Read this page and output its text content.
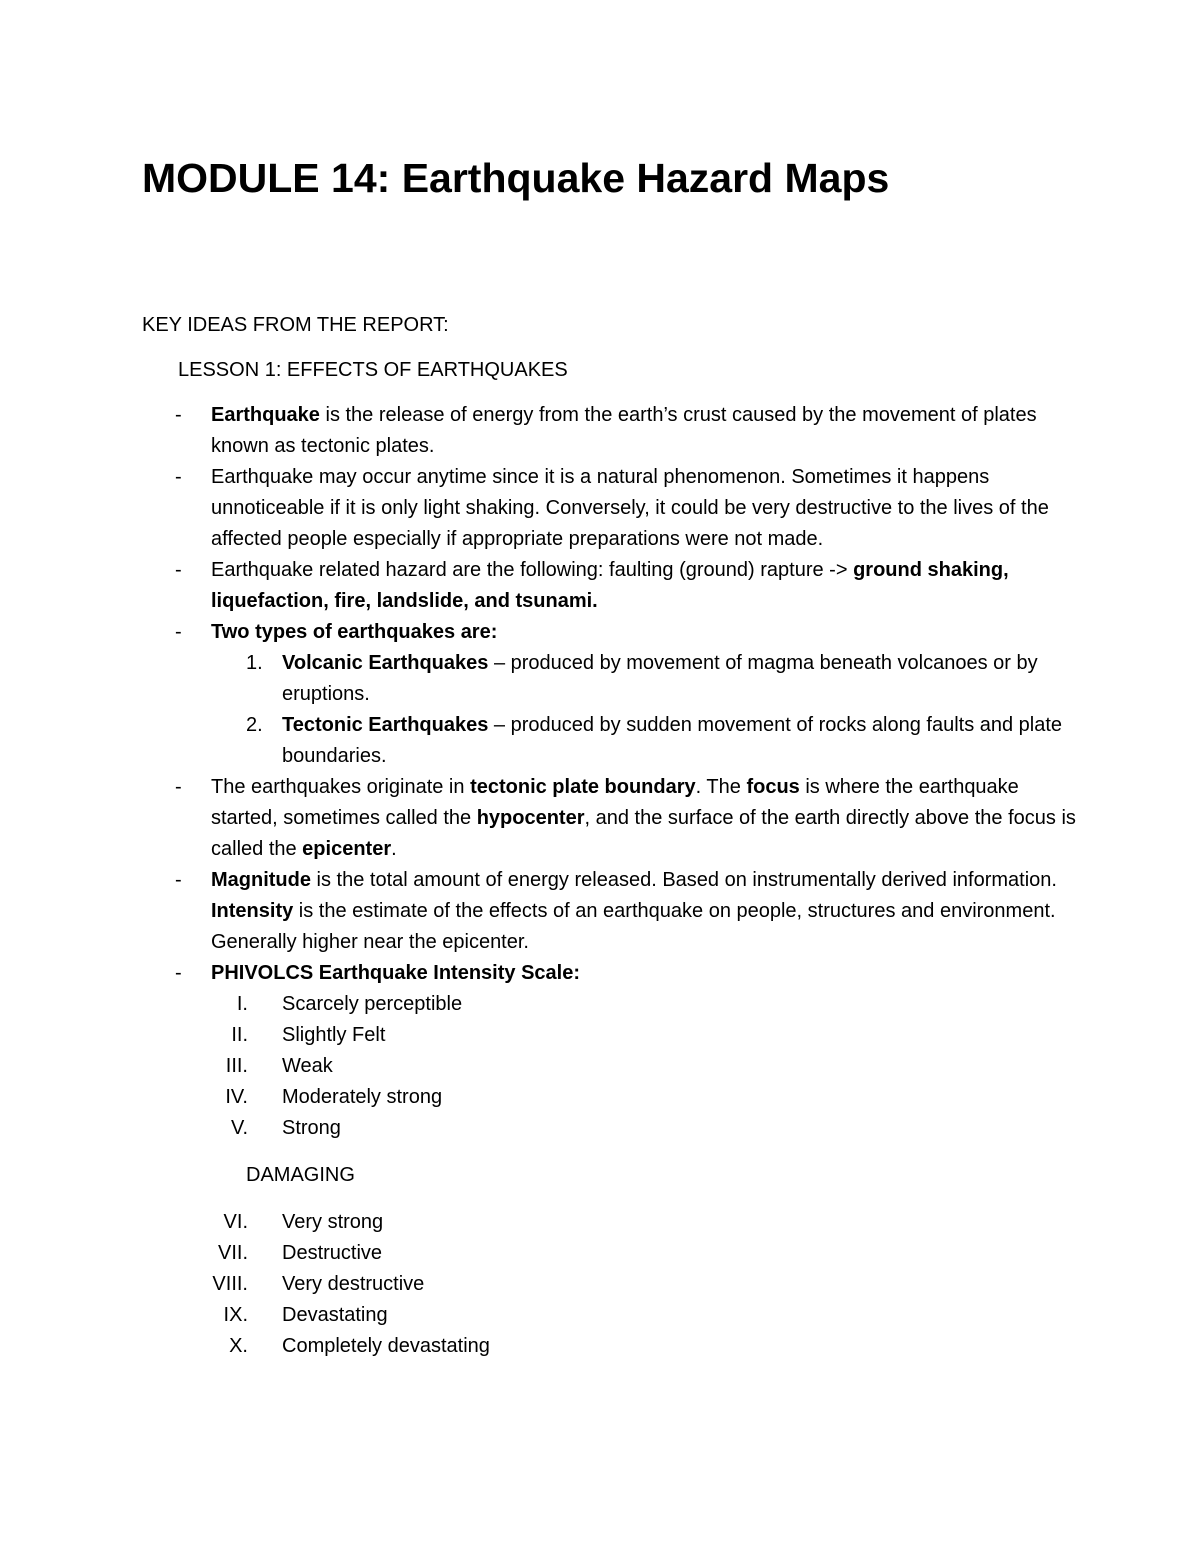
MODULE 14: Earthquake Hazard Maps
KEY IDEAS FROM THE REPORT:
LESSON 1: EFFECTS OF EARTHQUAKES
- Earthquake is the release of energy from the earth’s crust caused by the movement of plates known as tectonic plates.
- Earthquake may occur anytime since it is a natural phenomenon. Sometimes it happens unnoticeable if it is only light shaking. Conversely, it could be very destructive to the lives of the affected people especially if appropriate preparations were not made.
- Earthquake related hazard are the following: faulting (ground) rapture -> ground shaking, liquefaction, fire, landslide, and tsunami.
- Two types of earthquakes are:
1. Volcanic Earthquakes – produced by movement of magma beneath volcanoes or by eruptions.
2. Tectonic Earthquakes – produced by sudden movement of rocks along faults and plate boundaries.
- The earthquakes originate in tectonic plate boundary. The focus is where the earthquake started, sometimes called the hypocenter, and the surface of the earth directly above the focus is called the epicenter.
- Magnitude is the total amount of energy released. Based on instrumentally derived information. Intensity is the estimate of the effects of an earthquake on people, structures and environment. Generally higher near the epicenter.
- PHIVOLCS Earthquake Intensity Scale:
I. Scarcely perceptible
II. Slightly Felt
III. Weak
IV. Moderately strong
V. Strong
DAMAGING
VI. Very strong
VII. Destructive
VIII. Very destructive
IX. Devastating
X. Completely devastating
